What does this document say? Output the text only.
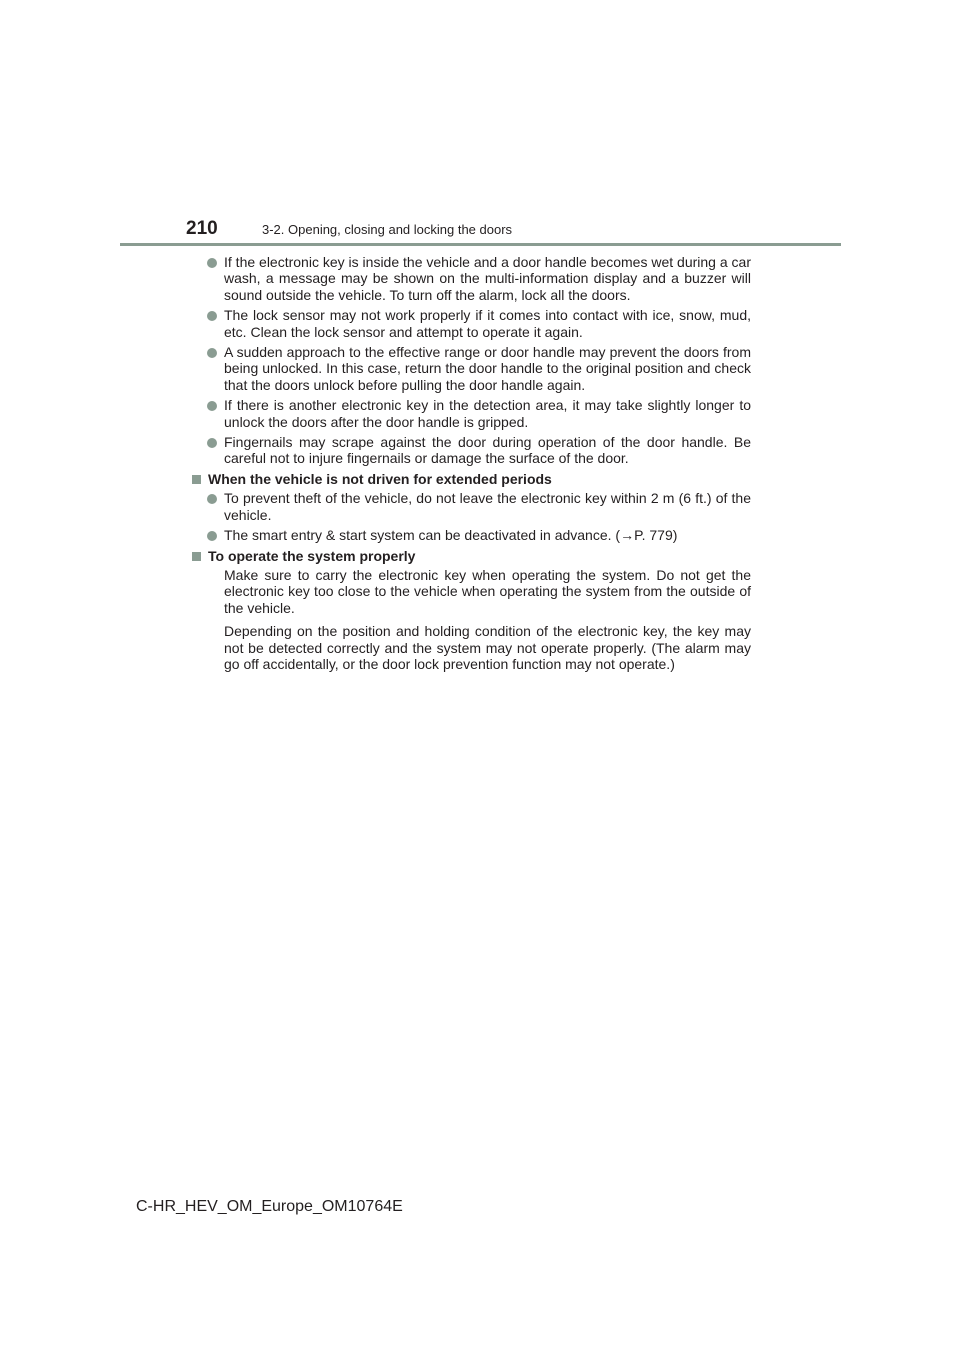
210	3-2. Opening, closing and locking the doors
If the electronic key is inside the vehicle and a door handle becomes wet during a car wash, a message may be shown on the multi-information display and a buzzer will sound outside the vehicle. To turn off the alarm, lock all the doors.
The lock sensor may not work properly if it comes into contact with ice, snow, mud, etc. Clean the lock sensor and attempt to operate it again.
A sudden approach to the effective range or door handle may prevent the doors from being unlocked. In this case, return the door handle to the original position and check that the doors unlock before pulling the door handle again.
If there is another electronic key in the detection area, it may take slightly longer to unlock the doors after the door handle is gripped.
Fingernails may scrape against the door during operation of the door handle. Be careful not to injure fingernails or damage the surface of the door.
When the vehicle is not driven for extended periods
To prevent theft of the vehicle, do not leave the electronic key within 2 m (6 ft.) of the vehicle.
The smart entry & start system can be deactivated in advance. (→P. 779)
To operate the system properly

Make sure to carry the electronic key when operating the system. Do not get the electronic key too close to the vehicle when operating the system from the outside of the vehicle.

Depending on the position and holding condition of the electronic key, the key may not be detected correctly and the system may not operate properly. (The alarm may go off accidentally, or the door lock prevention function may not operate.)

C-HR_HEV_OM_Europe_OM10764E
